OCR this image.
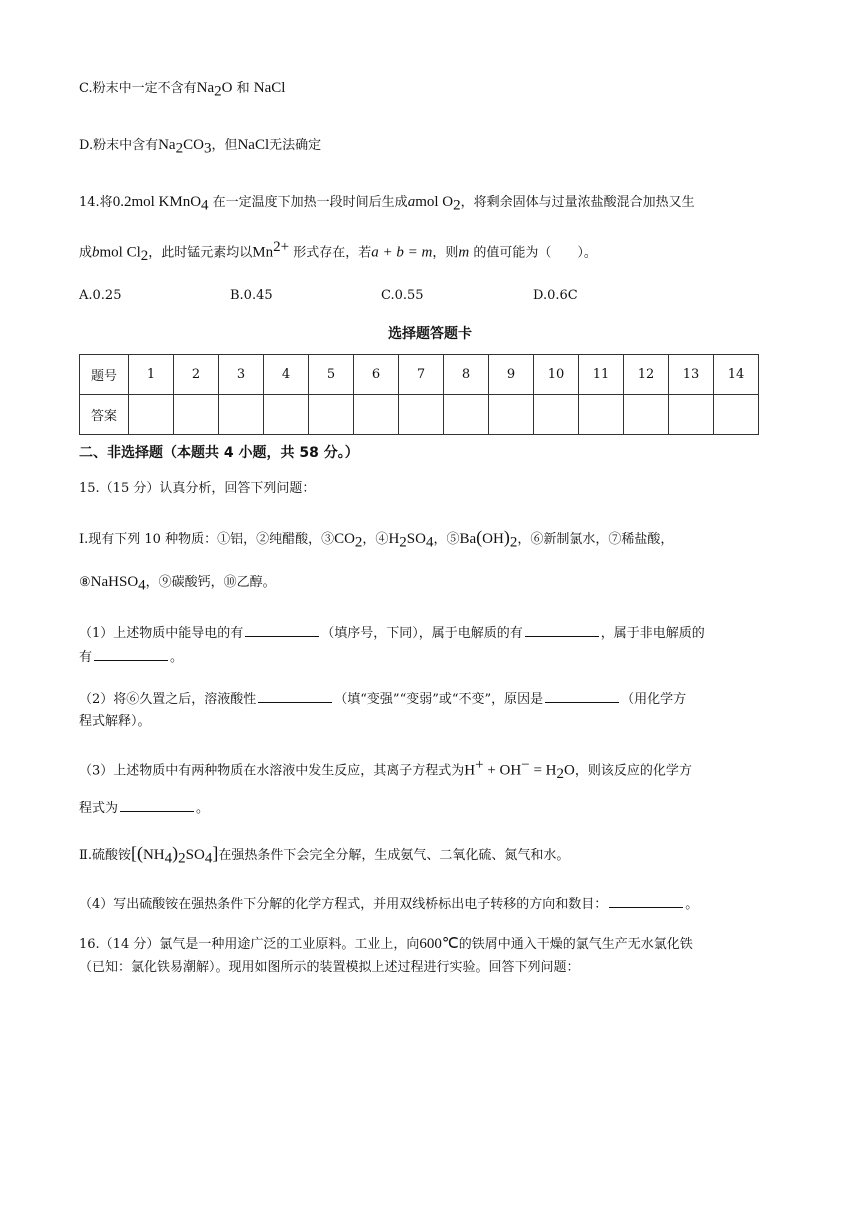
C.粉末中一定不含有$Na_2O$ 和 NaCl
D.粉末中含有$Na_2CO_3$，但NaCl无法确定
14.将0.2mol KMnO$_4$ 在一定温度下加热一段时间后生成amol $O_2$，将剩余固体与过量浓盐酸混合加热又生
成bmol $Cl_2$，此时锰元素均以$Mn^{2+}$ 形式存在，若a + b = m，则m 的值可能为（　　）。
A.0.25	B.0.45	C.0.55	D.0.6C
选择题答题卡
题号	1	2	3	4	5	6	7	8	9	10	11	12	13	14
答案														
二、非选择题（本题共 4 小题，共 58 分。）
15.（15 分）认真分析，回答下列问题：
Ⅰ.现有下列 10 种物质：①铝，②纯醋酸，$③CO_2$，$④H_2SO_4$，$⑤Ba(OH)_2$，⑥新制氯水，⑦稀盐酸，
⑧NaHSO$_4$，⑨碳酸钙，⑩乙醇。
（1）上述物质中能导电的有	（填序号，下同），属于电解质的有	，属于非电解质的
有	。
（2）将⑥久置之后，溶液酸性	（填“变强”“变弱”或“不变”，原因是	（用化学方
程式解释）。
（3）上述物质中有两种物质在水溶液中发生反应，其离子方程式为$H^+ + OH^- = H_2O$，则该反应的化学方
程式为	。
Ⅱ.硫酸铵$[(NH_4)_2SO_4]$在强热条件下会完全分解，生成氨气、二氧化硫、氮气和水。
（4）写出硫酸铵在强热条件下分解的化学方程式，并用双线桥标出电子转移的方向和数目：	。
16.（14 分）氯气是一种用途广泛的工业原料。工业上，向600℃的铁屑中通入干燥的氯气生产无水氯化铁
（已知：氯化铁易潮解）。现用如图所示的装置模拟上述过程进行实验。回答下列问题：
